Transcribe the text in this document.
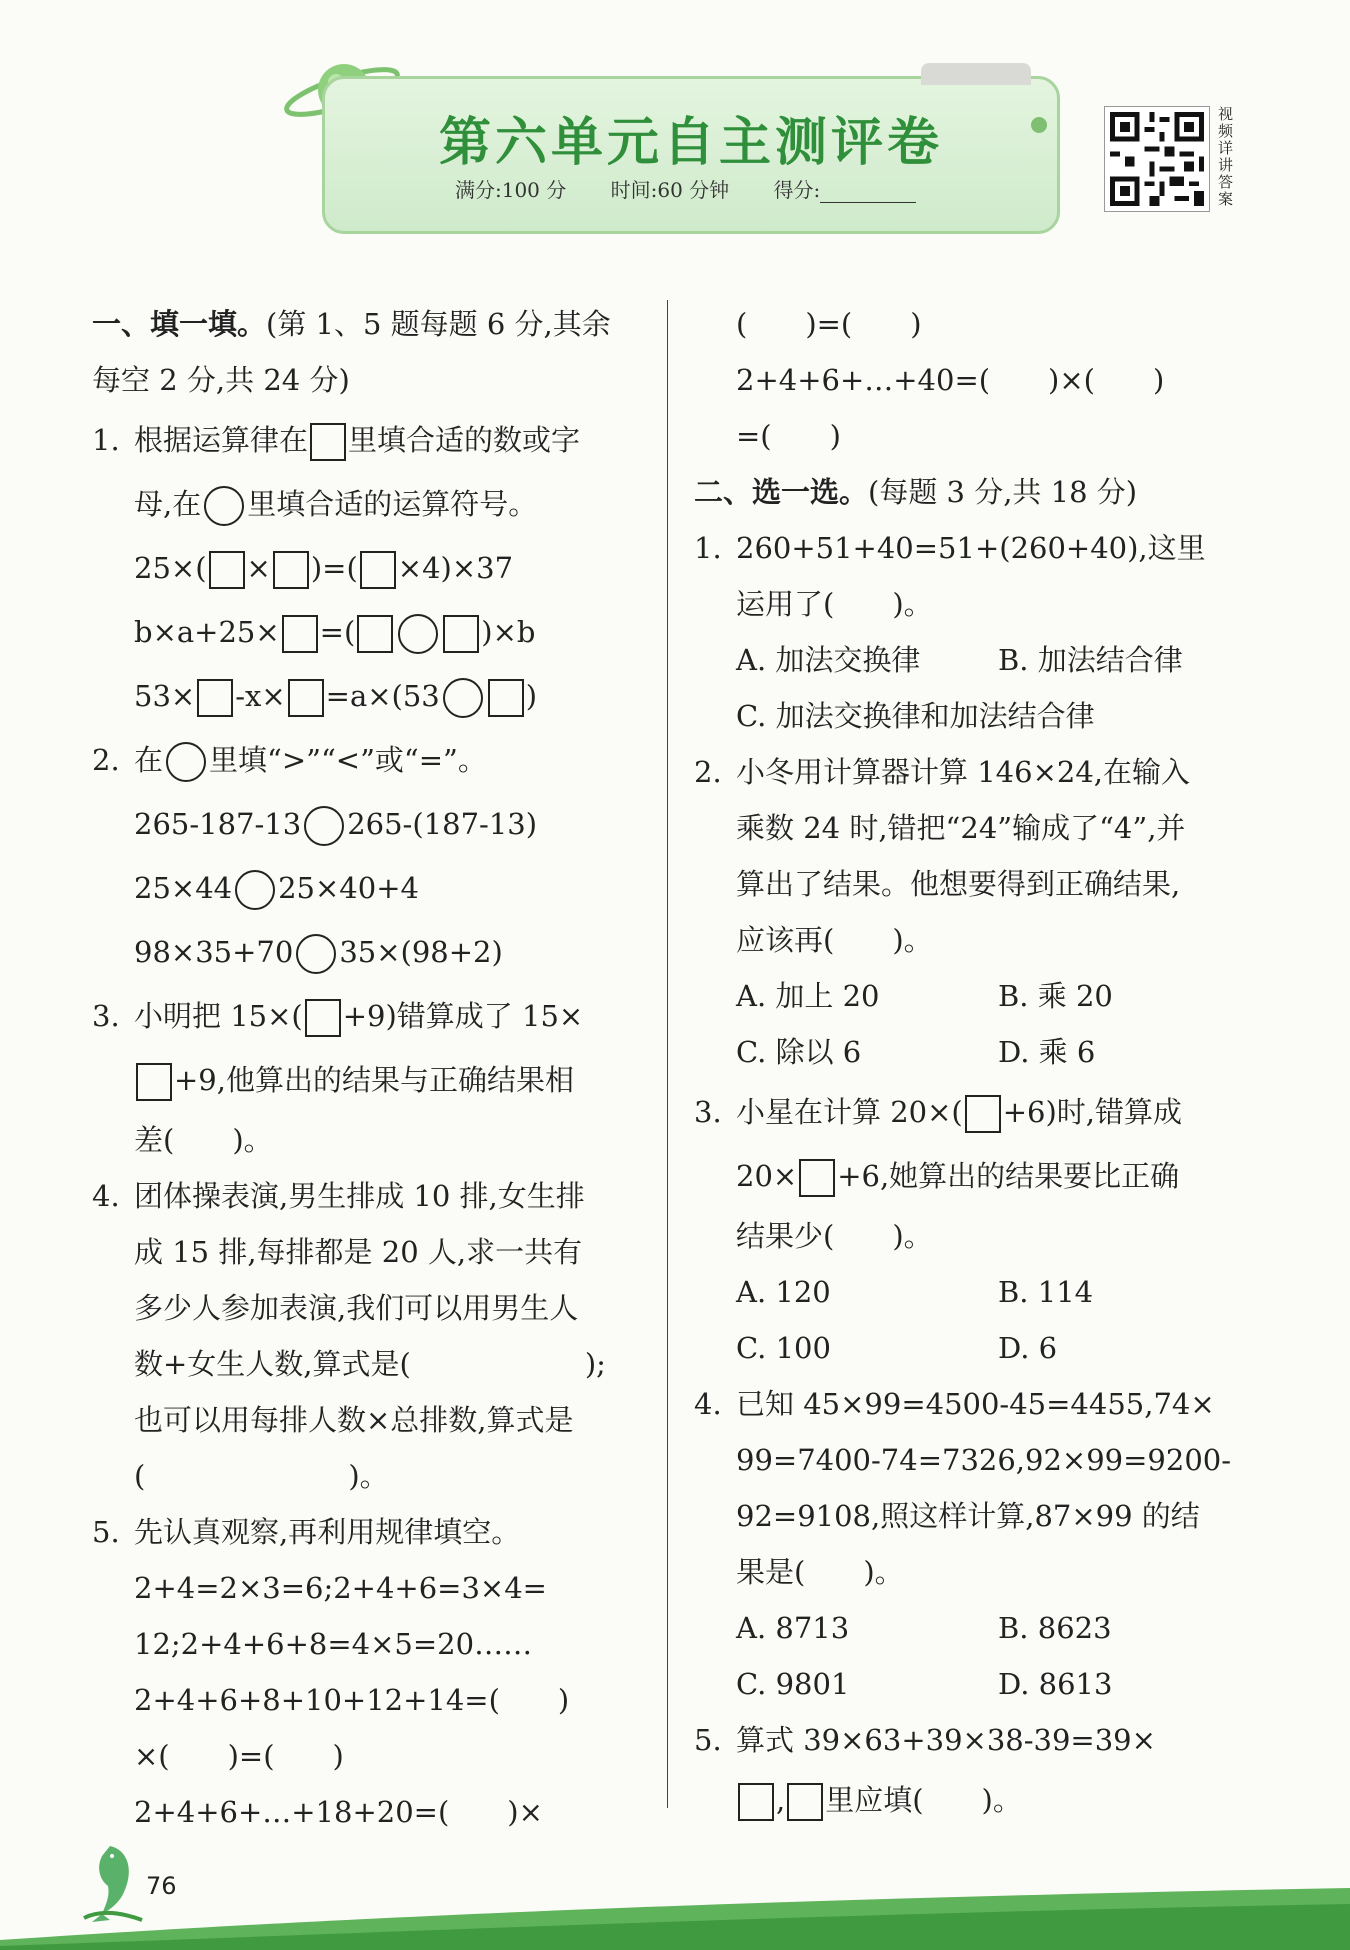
第六单元自主测评卷
满分:100 分 时间:60 分钟 得分:
视频详讲答案
一、填一填。(第 1、5 题每题 6 分,其余
每空 2 分,共 24 分)
1. 根据运算律在 里填合适的数或字
母,在 里填合适的运算符号。
25×( × )=( ×4)×37
b×a+25× =(	)×b
53× -x× =a×(53	)
2. 在 里填“>”“<”或“=”。
265-187-13 265-(187-13)
25×44 25×40+4
98×35+70 35×(98+2)
3. 小明把 15×( +9)错算成了 15×
+9,他算出的结果与正确结果相
差(　　)。
4. 团体操表演,男生排成 10 排,女生排
成 15 排,每排都是 20 人,求一共有
多少人参加表演,我们可以用男生人
数+女生人数,算式是(　　　　　　);
也可以用每排人数×总排数,算式是
(　　　　　　　)。
5. 先认真观察,再利用规律填空。
2+4=2×3=6;2+4+6=3×4=
12;2+4+6+8=4×5=20……
2+4+6+8+10+12+14=(　　)
×(　　)=(　　)
2+4+6+…+18+20=(　　)×
(　　)=(　　)
2+4+6+…+40=(　　)×(　　)
=(　　)
二、选一选。(每题 3 分,共 18 分)
1. 260+51+40=51+(260+40),这里
运用了(　　)。
A. 加法交换律	B. 加法结合律
C. 加法交换律和加法结合律
2. 小冬用计算器计算 146×24,在输入
乘数 24 时,错把“24”输成了“4”,并
算出了结果。他想要得到正确结果,
应该再(　　)。
A. 加上 20	B. 乘 20
C. 除以 6	D. 乘 6
3. 小星在计算 20×( +6)时,错算成
20× +6,她算出的结果要比正确
结果少(　　)。
A. 120	B. 114
C. 100	D. 6
4. 已知 45×99=4500-45=4455,74×
99=7400-74=7326,92×99=9200-
92=9108,照这样计算,87×99 的结
果是(　　)。
A. 8713	B. 8623
C. 9801	D. 8613
5. 算式 39×63+39×38-39=39×
, 里应填(　　)。
76
